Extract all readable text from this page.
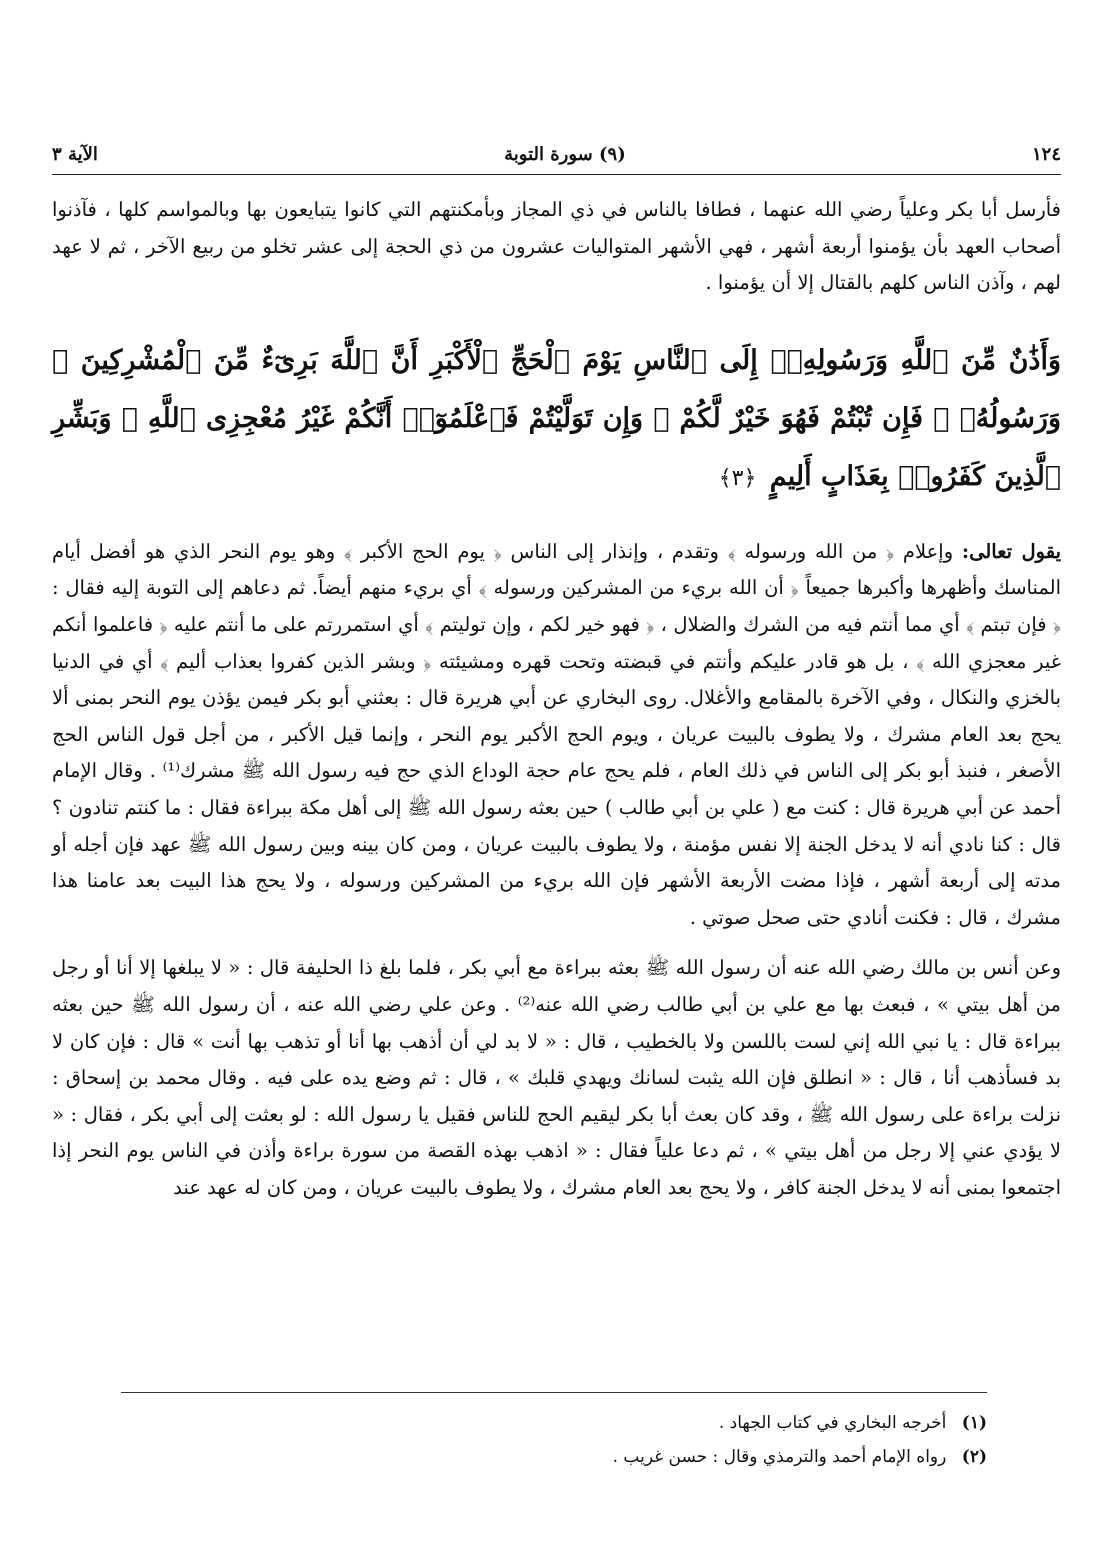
١٢٤
(٩) سورة التوبة
الآية ٣

فأرسل أبا بكر وعلياً رضي الله عنهما ، فطافا بالناس في ذي المجاز وبأمكنتهم التي كانوا يتبايعون بها وبالمواسم كلها ، فآذنوا أصحاب العهد بأن يؤمنوا أربعة أشهر ، فهي الأشهر المتواليات عشرون من ذي الحجة إلى عشر تخلو من ربيع الآخر ، ثم لا عهد لهم ، وآذن الناس كلهم بالقتال إلا أن يؤمنوا .

وَأَذَٰنٌ مِّنَ ٱللَّهِ وَرَسُولِهِۦٓ إِلَى ٱلنَّاسِ يَوْمَ ٱلْحَجِّ ٱلْأَكْبَرِ أَنَّ ٱللَّهَ بَرِىٓءٌ مِّنَ ٱلْمُشْرِكِينَ ۙ وَرَسُولُهُۥ ۚ فَإِن تُبْتُمْ فَهُوَ خَيْرٌ لَّكُمْ ۖ وَإِن تَوَلَّيْتُمْ فَٱعْلَمُوٓا۟ أَنَّكُمْ غَيْرُ مُعْجِزِى ٱللَّهِ ۗ وَبَشِّرِ ٱلَّذِينَ كَفَرُوا۟ بِعَذَابٍ أَلِيمٍ ﴿٣﴾

يقول تعالى: وإعلام ﴿ من الله ورسوله ﴾ وتقدم ، وإنذار إلى الناس ﴿ يوم الحج الأكبر ﴾ وهو يوم النحر الذي هو أفضل أيام المناسك وأظهرها وأكبرها جميعاً ﴿ أن الله بريء من المشركين ورسوله ﴾ أي بريء منهم أيضاً. ثم دعاهم إلى التوبة إليه فقال : ﴿ فإن تبتم ﴾ أي مما أنتم فيه من الشرك والضلال ، ﴿ فهو خير لكم ، وإن توليتم ﴾ أي استمررتم على ما أنتم عليه ﴿ فاعلموا أنكم غير معجزي الله ﴾ ، بل هو قادر عليكم وأنتم في قبضته وتحت قهره ومشيئته ﴿ وبشر الذين كفروا بعذاب أليم ﴾ أي في الدنيا بالخزي والنكال ، وفي الآخرة بالمقامع والأغلال. روى البخاري عن أبي هريرة قال : بعثني أبو بكر فيمن يؤذن يوم النحر بمنى ألا يحج بعد العام مشرك ، ولا يطوف بالبيت عريان ، ويوم الحج الأكبر يوم النحر ، وإنما قيل الأكبر ، من أجل قول الناس الحج الأصغر ، فنبذ أبو بكر إلى الناس في ذلك العام ، فلم يحج عام حجة الوداع الذي حج فيه رسول الله ﷺ مشرك⁽¹⁾ . وقال الإمام أحمد عن أبي هريرة قال : كنت مع ( علي بن أبي طالب ) حين بعثه رسول الله ﷺ إلى أهل مكة ببراءة فقال : ما كنتم تنادون ؟ قال : كنا نادي أنه لا يدخل الجنة إلا نفس مؤمنة ، ولا يطوف بالبيت عريان ، ومن كان بينه وبين رسول الله ﷺ عهد فإن أجله أو مدته إلى أربعة أشهر ، فإذا مضت الأربعة الأشهر فإن الله بريء من المشركين ورسوله ، ولا يحج هذا البيت بعد عامنا هذا مشرك ، قال : فكنت أنادي حتى صحل صوتي .

وعن أنس بن مالك رضي الله عنه أن رسول الله ﷺ بعثه ببراءة مع أبي بكر ، فلما بلغ ذا الحليفة قال : « لا يبلغها إلا أنا أو رجل من أهل بيتي » ، فبعث بها مع علي بن أبي طالب رضي الله عنه⁽²⁾ . وعن علي رضي الله عنه ، أن رسول الله ﷺ حين بعثه ببراءة قال : يا نبي الله إني لست باللسن ولا بالخطيب ، قال : « لا بد لي أن أذهب بها أنا أو تذهب بها أنت » قال : فإن كان لا بد فسأذهب أنا ، قال : « انطلق فإن الله يثبت لسانك ويهدي قلبك » ، قال : ثم وضع يده على فيه . وقال محمد بن إسحاق : نزلت براءة على رسول الله ﷺ ، وقد كان بعث أبا بكر ليقيم الحج للناس فقيل يا رسول الله : لو بعثت إلى أبي بكر ، فقال : « لا يؤدي عني إلا رجل من أهل بيتي » ، ثم دعا علياً فقال : « اذهب بهذه القصة من سورة براءة وأذن في الناس يوم النحر إذا اجتمعوا بمنى أنه لا يدخل الجنة كافر ، ولا يحج بعد العام مشرك ، ولا يطوف بالبيت عريان ، ومن كان له عهد عند

(١) أخرجه البخاري في كتاب الجهاد .
(٢) رواه الإمام أحمد والترمذي وقال : حسن غريب .
